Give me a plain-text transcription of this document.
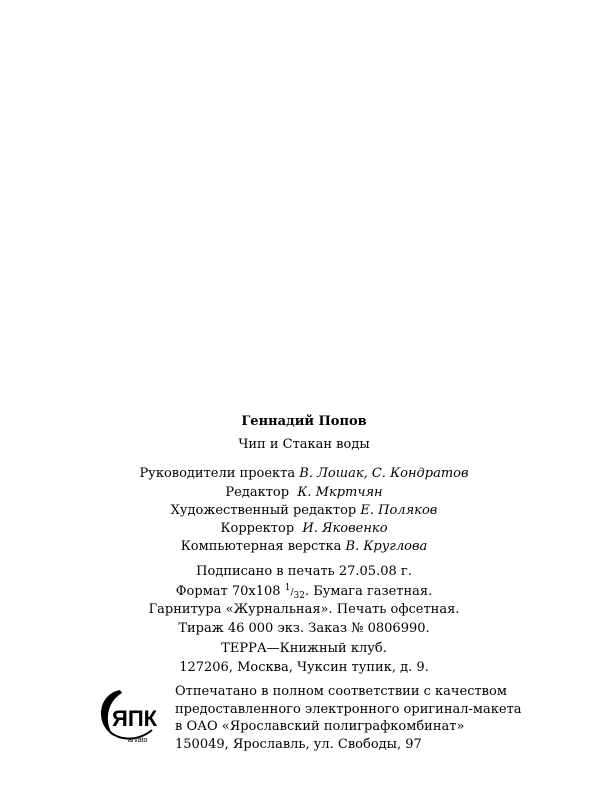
Геннадий Попов
Чип и Стакан воды
Руководители проекта В. Лошак, С. Кондратов
Редактор К. Мкртчян
Художественный редактор Е. Поляков
Корректор И. Яковенко
Компьютерная верстка В. Круглова
Подписано в печать 27.05.08 г.
Формат 70х108 1/32. Бумага газетная.
Гарнитура «Журнальная». Печать офсетная.
Тираж 46 000 экз. Заказ № 0806990.
ТЕРРА—Книжный клуб.
127206, Москва, Чуксин тупик, д. 9.
ЯПК
arvato
Отпечатано в полном соответствии с качеством
предоставленного электронного оригинал-макета
в ОАО «Ярославский полиграфкомбинат»
150049, Ярославль, ул. Свободы, 97
